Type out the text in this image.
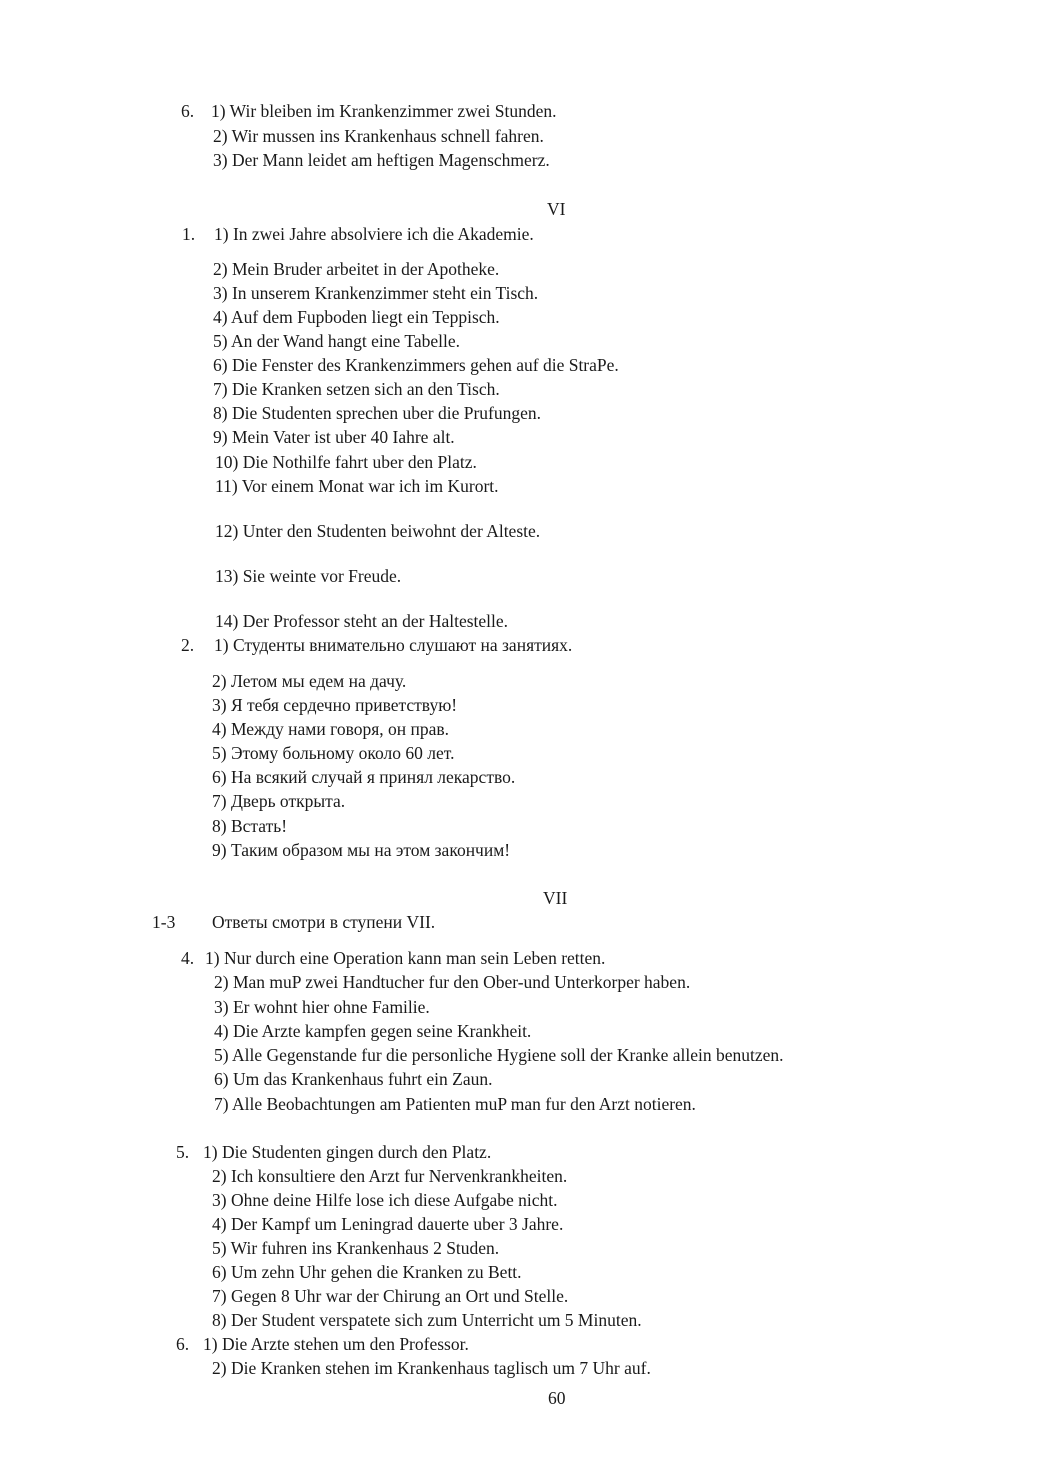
6. 1) Wir bleiben im Krankenzimmer zwei Stunden.
2) Wir mussen ins Krankenhaus schnell fahren.
3) Der Mann leidet am heftigen Magenschmerz.
VI
1. 1) In zwei Jahre absolviere ich die Akademie.
2) Mein Bruder arbeitet in der Apotheke.
3) In unserem Krankenzimmer steht ein Tisch.
4) Auf dem Fupboden liegt ein Teppisch.
5) An der Wand hangt eine Tabelle.
6) Die Fenster des Krankenzimmers gehen auf die StraPe.
7) Die Kranken setzen sich an den Tisch.
8) Die Studenten sprechen uber die Prufungen.
9) Mein Vater ist uber 40 Iahre alt.
10) Die Nothilfe fahrt uber den Platz.
11) Vor einem Monat war ich im Kurort.
12) Unter den Studenten beiwohnt der Alteste.
13) Sie weinte vor Freude.
14) Der Professor steht an der Haltestelle.
2. 1) Студенты внимательно слушают на занятиях.
2) Летом мы едем на дачу.
3) Я тебя сердечно приветствую!
4) Между нами говоря, он прав.
5) Этому больному около 60 лет.
6) На всякий случай я принял лекарство.
7) Дверь открыта.
8) Встать!
9) Таким образом мы на этом закончим!
VII
1-3 Ответы смотри в ступени VII.
4. 1) Nur durch eine Operation kann man sein Leben retten.
2) Man muP zwei Handtucher fur den Ober-und Unterkorper haben.
3) Er wohnt hier ohne Familie.
4) Die Arzte kampfen gegen seine Krankheit.
5) Alle Gegenstande fur die personliche Hygiene soll der Kranke allein benutzen.
6) Um das Krankenhaus fuhrt ein Zaun.
7) Alle Beobachtungen am Patienten muP man fur den Arzt notieren.
5. 1) Die Studenten gingen durch den Platz.
2) Ich konsultiere den Arzt fur Nervenkrankheiten.
3) Ohne deine Hilfe lose ich diese Aufgabe nicht.
4) Der Kampf um Leningrad dauerte uber 3 Jahre.
5) Wir fuhren ins Krankenhaus 2 Studen.
6) Um zehn Uhr gehen die Kranken zu Bett.
7) Gegen 8 Uhr war der Chirung an Ort und Stelle.
8) Der Student verspatete sich zum Unterricht um 5 Minuten.
6. 1) Die Arzte stehen um den Professor.
2) Die Kranken stehen im Krankenhaus taglisch um 7 Uhr auf.
60
